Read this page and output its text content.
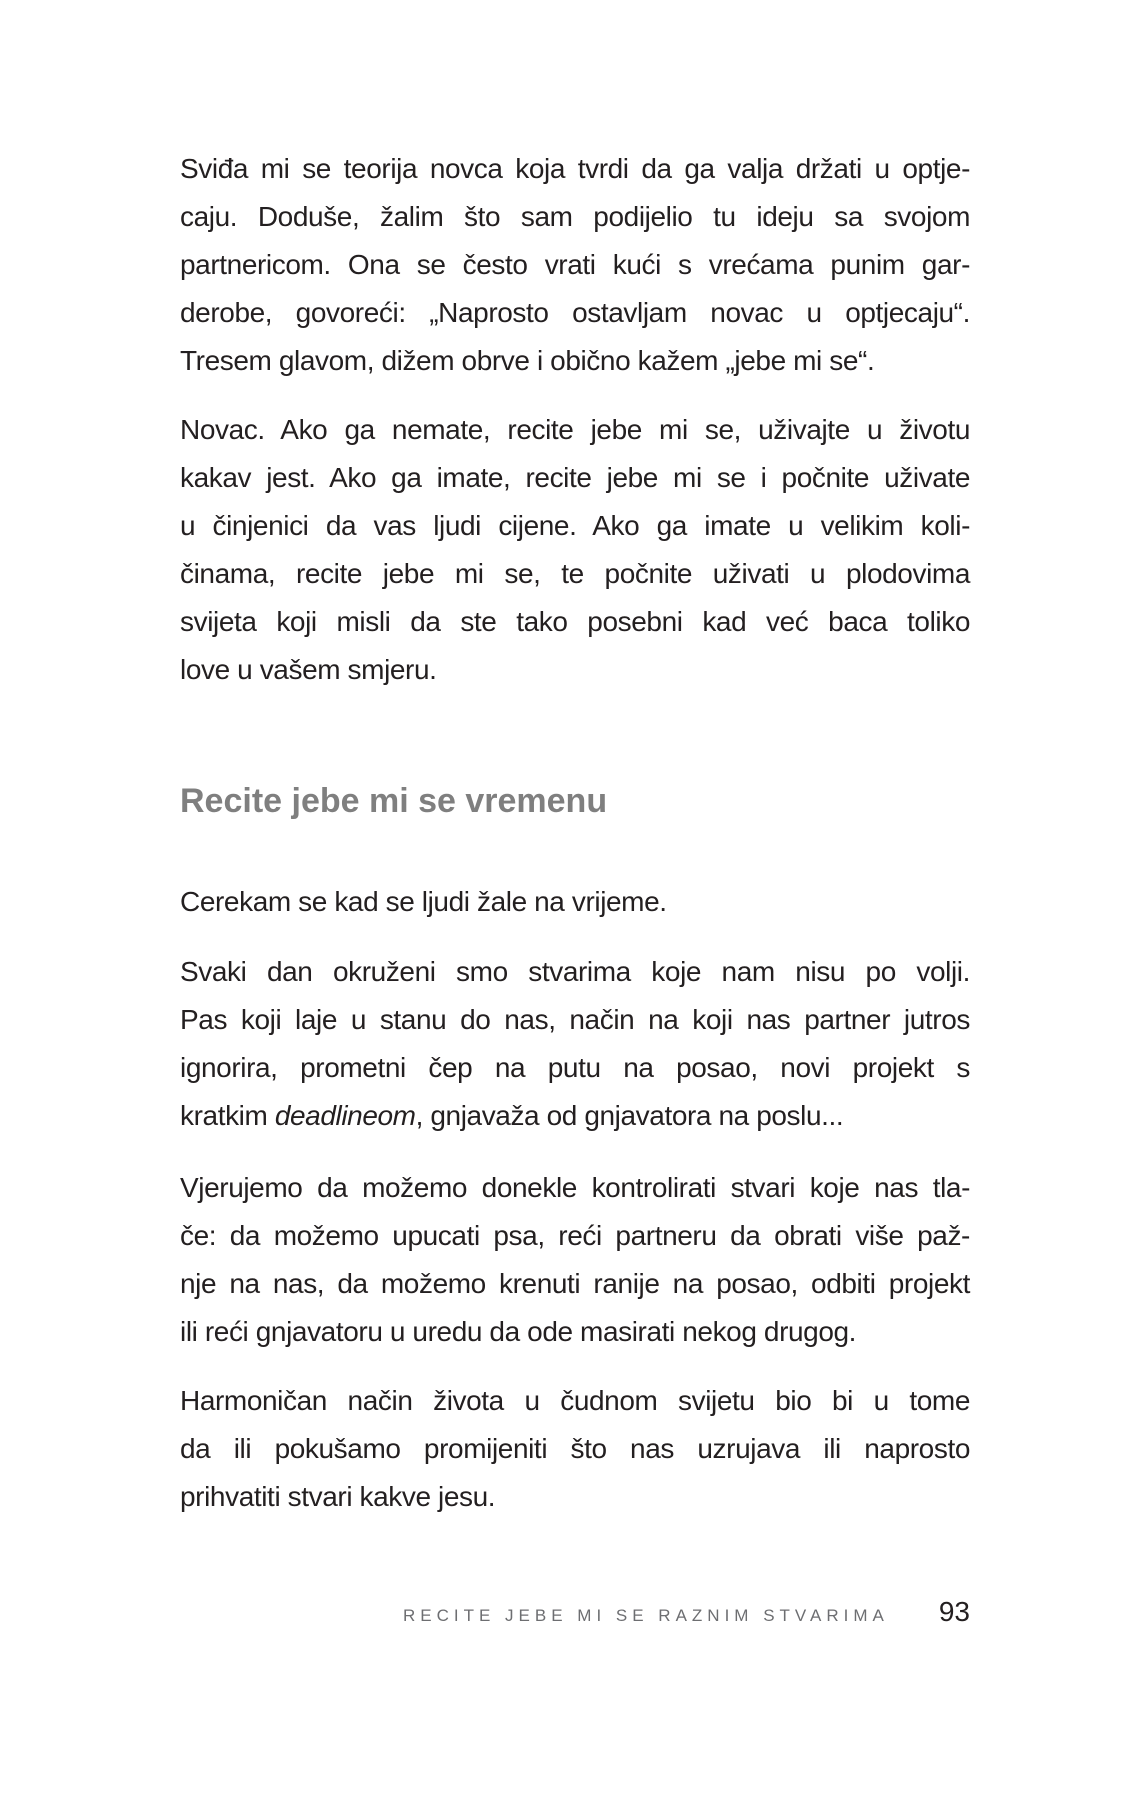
Sviđa mi se teorija novca koja tvrdi da ga valja držati u optje-
caju. Doduše, žalim što sam podijelio tu ideju sa svojom
partnericom. Ona se često vrati kući s vrećama punim gar-
derobe, govoreći: „Naprosto ostavljam novac u optjecaju“.
Tresem glavom, dižem obrve i obično kažem „jebe mi se“.
Novac. Ako ga nemate, recite jebe mi se, uživajte u životu
kakav jest. Ako ga imate, recite jebe mi se i počnite uživate
u činjenici da vas ljudi cijene. Ako ga imate u velikim koli-
činama, recite jebe mi se, te počnite uživati u plodovima
svijeta koji misli da ste tako posebni kad već baca toliko
love u vašem smjeru.
Recite jebe mi se vremenu
Cerekam se kad se ljudi žale na vrijeme.
Svaki dan okruženi smo stvarima koje nam nisu po volji.
Pas koji laje u stanu do nas, način na koji nas partner jutros
ignorira, prometni čep na putu na posao, novi projekt s
kratkim deadlineom, gnjavaža od gnjavatora na poslu...
Vjerujemo da možemo donekle kontrolirati stvari koje nas tla-
če: da možemo upucati psa, reći partneru da obrati više pаž-
nje na nas, da možemo krenuti ranije na posao, odbiti projekt
ili reći gnjavatoru u uredu da ode masirati nekog drugog.
Harmoničan način života u čudnom svijetu bio bi u tome
da ili pokušamo promijeniti što nas uzrujava ili naprosto
prihvatiti stvari kakve jesu.
RECITE JEBE MI SE RAZNIM STVARIMA 93
